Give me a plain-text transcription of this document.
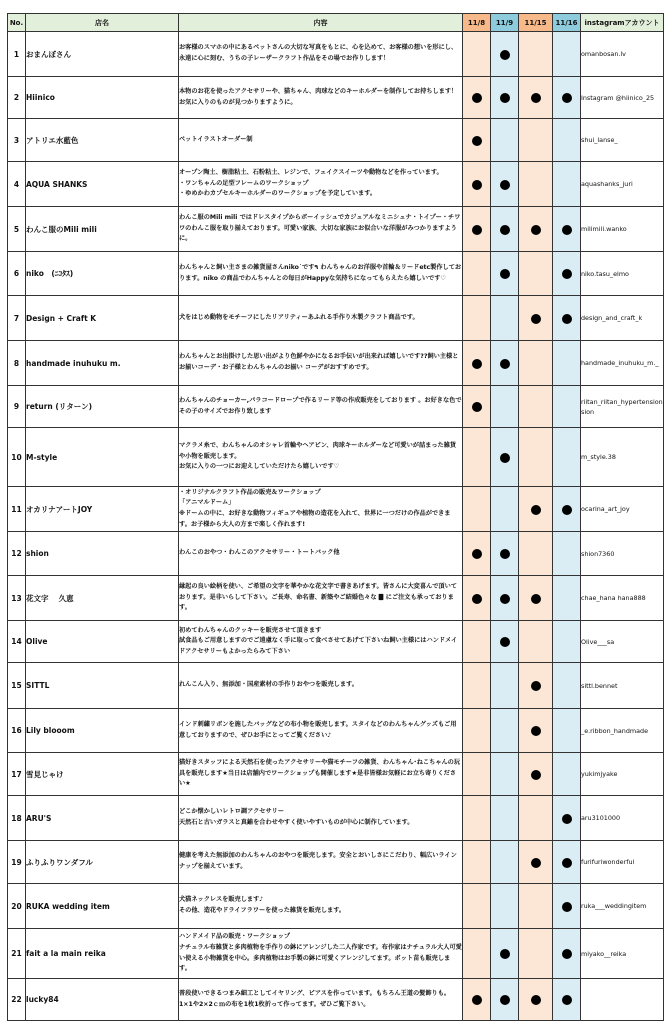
No.	店名	内容	11/8	11/9	11/15	11/16	instagramアカウント
1	おまんぼさん	お客様のスマホの中にあるペットさんの大切な写真をもとに、心を込めて、お客様の想いを形にし、永遠に心に刻む、うちの子レーザークラフト作品をその場でお作りします！					omanbosan.lv
2	Hiinico	本物のお花を使ったアクセサリーや、猫ちゃん、肉球などのキーホルダーを制作してお持ちします！お気に入りのものが見つかりますように。					Instagram @hiinico_25
3	アトリエ水藍色	ペットイラストオーダー制					shui_lanse_
4	AQUA SHANKS	オープン陶土、樹脂粘土、石粉粘土、レジンで、フェイクスイーツや動物などを作っています。
・ワンちゃんの足型フレームのワークショップ
・ゆめかわカプセルキーホルダーのワークショップを予定しています。					aquashanks_juri
5	わんこ服のMili mili	わんこ服のMili mili ではドレスタイプからボーイッシュでカジュアルなミニシュナ・トイプー・チワワのわんこ服を取り揃えております。可愛い家族、大切な家族にお似合いな洋服がみつかりますように。					milimili.wanko
6	niko　(ﾆｺﾀｽ)	わんちゃんと飼い主さまの雑貨屋さんniko˙です٩ わんちゃんのお洋服や首輪＆リードetc製作しております。niko の商品でわんちゃんとの毎日がHappyな気持ちになってもらえたら嬉しいです♡					niko.tasu_elmo
7	Design + Craft K	犬をはじめ動物をモチーフにしたリアリティーあふれる手作り木製クラフト商品です。					design_and_craft_k
8	handmade inuhuku m.	わんちゃんとお出掛けした思い出がより色鮮やかになるお手伝いが出来れば嬉しいです??飼い主様とお揃いコーデ・お子様とわんちゃんのお揃い コーデがおすすめです。					handmade_inuhuku_m._
9	return (リターン)	わんちゃんのチョーカー,パラコードロープで作るリード等の作成販売をしております 。お好きな色でその子のサイズでお作り致します					riitan_riitan_hypertension sion
10	M-style	マクラメ糸で、わんちゃんのオシャレ首輪やヘアピン、肉球キーホルダーなど可愛いが詰まった雑貨や小物を販売します。
お気に入りの一つにお迎えしていただけたら嬉しいです♡					m_style.38
11	オカリナアートJOY	・オリジナルクラフト作品の販売＆ワークショップ
「アニマルドーム」
※ドームの中に、お好きな動物フィギュアや植物の造花を入れて、世界に一つだけの作品ができます。お子様から大人の方まで楽しく作れます!					ocarina_art_joy
12	shion	わんこのおやつ・わんこのアクセサリー・トートバック他					shion7360
13	花文字　 久恵	縁起の良い絵柄を使い、ご希望の文字を華やかな花文字で書きあげます。皆さんに大変喜んで頂いております。是非いらして下さい。ご長寿、命名書、新築やご結婚色々な 🀫 にご注文も承っております。					chae_hana hana888
14	Olive	初めてわんちゃんのクッキーを販売させて頂きます
試食品もご用意しますのでご遠慮なく手に取って食べさせてあげて下さいね飼い主様にはハンドメイドアクセサリーもよかったらみて下さい					Olive___sa
15	SITTL	れんこん入り、無添加・国産素材の手作りおやつを販売します。					sittl.bennet
16	Lily blooom	インド刺繍リボンを施したバッグなどの布小物を販売します。スタイなどのわんちゃんグッズもご用意しておりますので、ぜひお手にとってご覧ください♪					_e.ribbon_handmade
17	雪見じゃけ	猫好きスタッフによる天然石を使ったアクセサリーや猫モチーフの雑貨、わんちゃん･ねこちゃんの玩具を販売します★当日は店舗内でワークショップも開催します★是非皆様お気軽にお立ち寄りください★					yukimjyake
18	ARU'S	どこか懐かしいレトロ調アクセサリー
天然石と古いガラスと真鍮を合わせやすく使いやすいものが中心に制作しています。					aru3101000
19	ふりふりワンダフル	健康を考えた無添加のわんちゃんのおやつを販売します。安全とおいしさにこだわり、幅広いラインナップを揃えています。					furifuriwonderful
20	RUKA wedding item	犬猫ネックレスを販売します♪
その他、造花やドライフラワーを使った雑貨を販売します。					ruka___weddingitem
21	fait a la main reika	ハンドメイド品の販売・ワークショップ
ナチュラル布雑貨と多肉植物を手作りの鉢にアレンジした二人作家です。布作家はナチュラル大人可愛い使える小物雑貨を中心。多肉植物はお手製の鉢に可愛くアレンジしてます。ポット苗も販売します。					miyako__reika
22	lucky84	普段使いできるつまみ細工としてイヤリング、ピアスを作っています。もちろん王道の髪飾りも。1×1や2×2ｃｍの布を1枚1枚折って作ってます。ぜひご覧下さい。					
